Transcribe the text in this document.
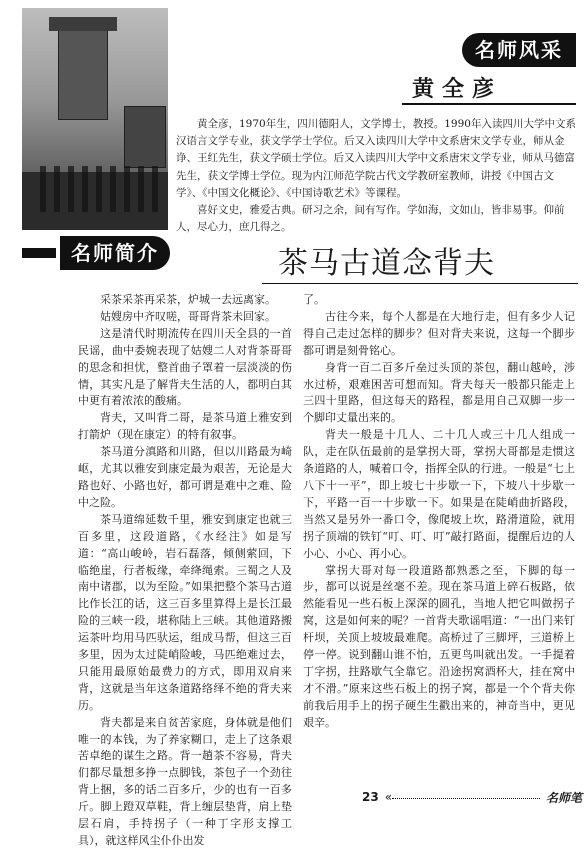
名师风采
黄全彦

黄全彦，1970年生，四川德阳人，文学博士，教授。1990年入读四川大学中文系汉语言文学专业，获文学学士学位。后又入读四川大学中文系唐宋文学专业，师从金诤、王红先生，获文学硕士学位。后又入读四川大学中文系唐宋文学专业，师从马德富先生，获文学博士学位。现为内江师范学院古代文学教研室教师，讲授《中国古文学》、《中国文化概论》、《中国诗歌艺术》等课程。

喜好文史，雅爱古典。研习之余，间有写作。学如海，文如山，皆非易事。仰前人，尽心力，庶几得之。

名师简介	茶马古道念背夫

采茶采茶再采茶，炉城一去远离家。

姑嫂房中齐叹嗟，哥哥背茶未回家。

这是清代时期流传在四川天全县的一首民谣，曲中委婉表现了姑嫂二人对背茶哥哥的思念和担忧，整首曲子罩着一层淡淡的伤情，其实凡是了解背夫生活的人，都明白其中更有着浓浓的酸痛。

背夫，又叫背二哥，是茶马道上雅安到打箭炉（现在康定）的特有叙事。

茶马道分滇路和川路，但以川路最为崎岖，尤其以雅安到康定最为艰苦，无论是大路也好、小路也好，都可谓是难中之难、险中之险。

茶马道绵延数千里，雅安到康定也就三百多里，这段道路，《水经注》如是写道：“高山峻岭，岩石磊落，倾侧萦回，下临绝崖，行者板缘，牵绛绳索。三蜀之人及南中诸郡，以为至险。”如果把整个茶马古道比作长江的话，这三百多里算得上是长江最险的三峡一段，堪称陆上三峡。其他道路搬运茶叶均用马匹驮运，组成马帮，但这三百多里，因为太过陡峭险峻，马匹绝难过去，只能用最原始最费力的方式，即用双肩来背，这就是当年这条道路络绎不绝的背夫来历。

背夫都是来自贫苦家庭，身体就是他们唯一的本钱，为了养家糊口，走上了这条艰苦卓绝的谋生之路。背一趟茶不容易，背夫们都尽量想多挣一点脚钱，茶包子一个劲往背上捆，多的话二百多斤，少的也有一百多斤。脚上蹬双草鞋，背上缠层垫背，肩上垫层石肩，手持拐子（一种丁字形支撑工具），就这样风尘仆仆出发

了。

古往今来，每个人都是在大地行走，但有多少人记得自己走过怎样的脚步？但对背夫来说，这每一个脚步都可谓是刻骨铭心。

身背一百二百多斤垒过头顶的茶包，翻山越岭，涉水过桥，艰难困苦可想而知。背夫每天一般都只能走上三四十里路，但这每天的路程，都是用自己双脚一步一个脚印丈量出来的。

背夫一般是十几人、二十几人或三十几人组成一队，走在队伍最前的是掌拐大哥，掌拐大哥都是走惯这条道路的人，喊着口令，指挥全队的行进。一般是“七上八下十一平”，即上坡七十步歇一下，下坡八十步歇一下，平路一百一十步歇一下。如果是在陡峭曲折路段，当然又是另外一番口令，像爬坡上坎，路滑道险，就用拐子顶端的铁钉“叮、叮、叮”敲打路面，提醒后边的人小心、小心、再小心。

掌拐大哥对每一段道路都熟悉之至，下脚的每一步，都可以说是丝毫不差。现在茶马道上碎石板路，依然能看见一些石板上深深的圆孔，当地人把它叫做拐子窝，这是如何来的呢？一首背夫歌谣唱道：“一出门来钉杆坝，关顶上坡坡最难爬。高桥过了三脚坪，三道桥上停一停。说到翻山谁不怕，五更鸟叫就出发。一手提着丁字拐，拄路歇气全靠它。沿途拐窝酒杯大，挂在窝中才不滑。”原来这些石板上的拐子窝，都是一个个背夫你前我后用手上的拐子硬生生戳出来的，神奇当中，更见艰辛。

23 «	名师笔
